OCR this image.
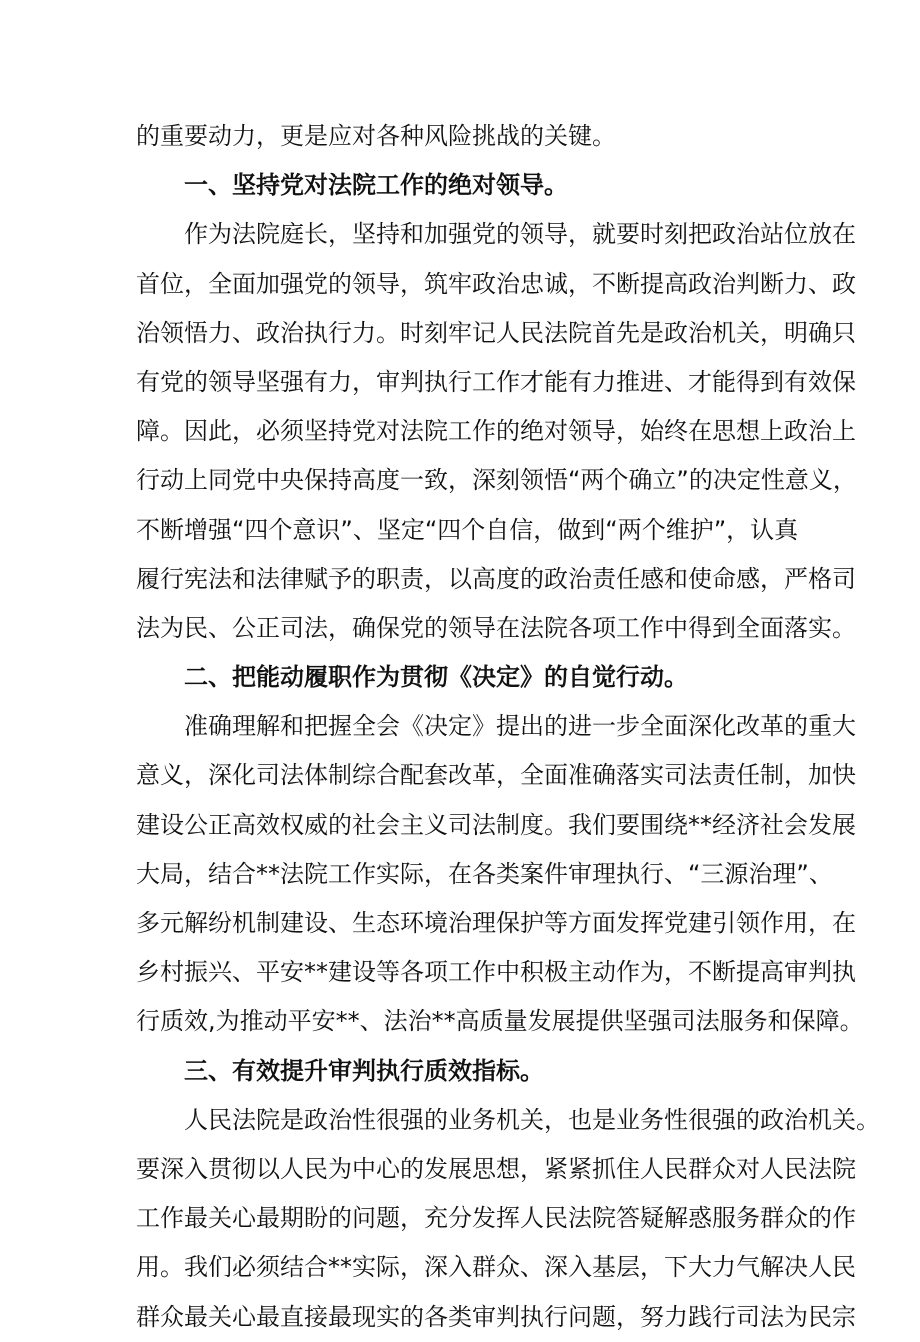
的重要动力，更是应对各种风险挑战的关键。
一、坚持党对法院工作的绝对领导。
作为法院庭长，坚持和加强党的领导，就要时刻把政治站位放在
首位，全面加强党的领导，筑牢政治忠诚，不断提高政治判断力、政
治领悟力、政治执行力。时刻牢记人民法院首先是政治机关，明确只
有党的领导坚强有力，审判执行工作才能有力推进、才能得到有效保
障。因此，必须坚持党对法院工作的绝对领导，始终在思想上政治上
行动上同党中央保持高度一致，深刻领悟“两个确立”的决定性意义，
不断增强“四个意识”、坚定“四个自信，做到“两个维护”，认真
履行宪法和法律赋予的职责，以高度的政治责任感和使命感，严格司
法为民、公正司法，确保党的领导在法院各项工作中得到全面落实。
二、把能动履职作为贯彻《决定》的自觉行动。
准确理解和把握全会《决定》提出的进一步全面深化改革的重大
意义，深化司法体制综合配套改革，全面准确落实司法责任制，加快
建设公正高效权威的社会主义司法制度。我们要围绕**经济社会发展
大局，结合**法院工作实际，在各类案件审理执行、“三源治理”、
多元解纷机制建设、生态环境治理保护等方面发挥党建引领作用，在
乡村振兴、平安**建设等各项工作中积极主动作为，不断提高审判执
行质效,为推动平安**、法治**高质量发展提供坚强司法服务和保障。
三、有效提升审判执行质效指标。
人民法院是政治性很强的业务机关，也是业务性很强的政治机关。
要深入贯彻以人民为中心的发展思想，紧紧抓住人民群众对人民法院
工作最关心最期盼的问题，充分发挥人民法院答疑解惑服务群众的作
用。我们必须结合**实际，深入群众、深入基层，下大力气解决人民
群众最关心最直接最现实的各类审判执行问题，努力践行司法为民宗
